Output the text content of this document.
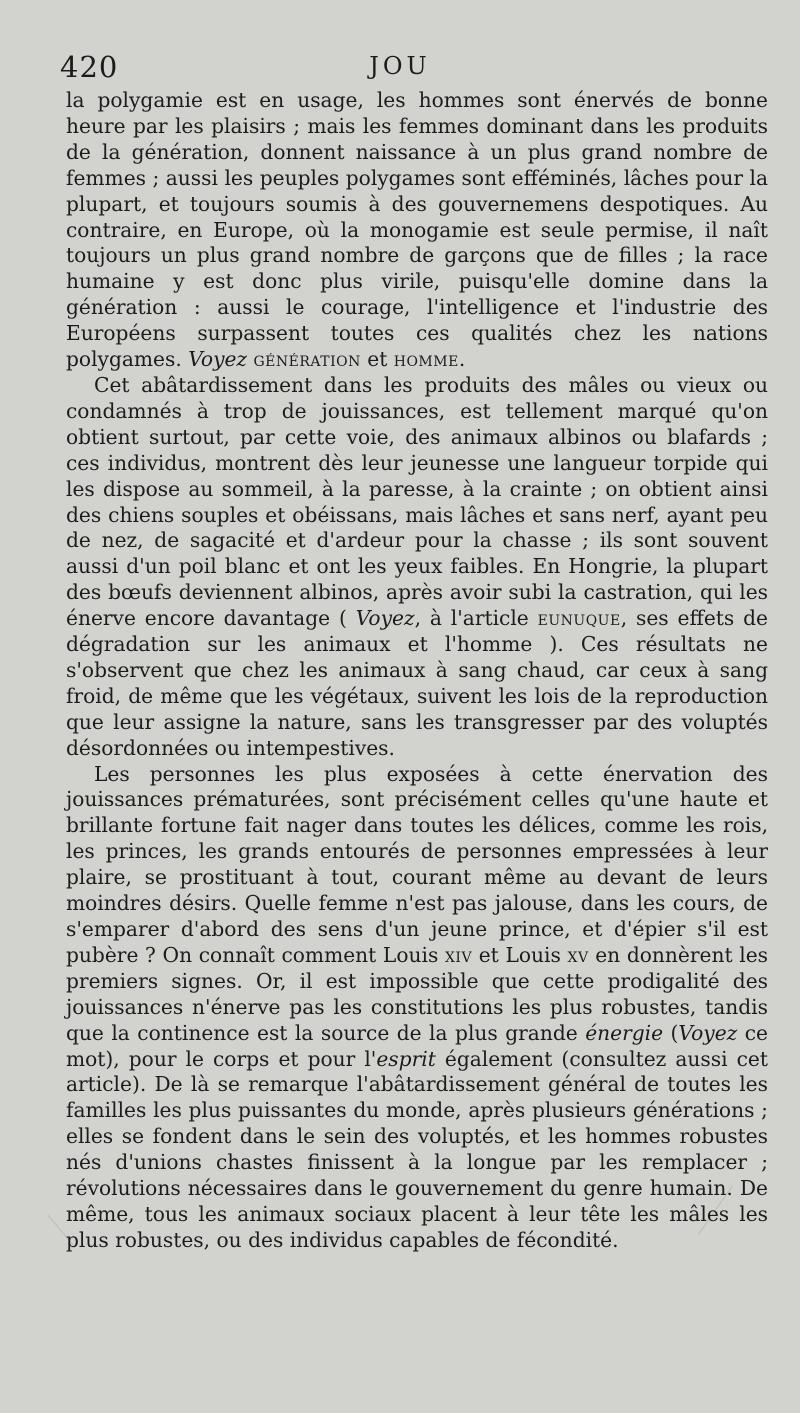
420	JOU

la polygamie est en usage, les hommes sont énervés de bonne heure par les plaisirs ; mais les femmes dominant dans les produits de la génération, donnent naissance à un plus grand nombre de femmes ; aussi les peuples polygames sont efféminés, lâches pour la plupart, et toujours soumis à des gouvernemens despotiques. Au contraire, en Europe, où la monogamie est seule permise, il naît toujours un plus grand nombre de garçons que de filles ; la race humaine y est donc plus virile, puisqu'elle domine dans la génération : aussi le courage, l'intelligence et l'industrie des Européens surpassent toutes ces qualités chez les nations polygames. Voyez génération et homme.

Cet abâtardissement dans les produits des mâles ou vieux ou condamnés à trop de jouissances, est tellement marqué qu'on obtient surtout, par cette voie, des animaux albinos ou blafards ; ces individus, montrent dès leur jeunesse une langueur torpide qui les dispose au sommeil, à la paresse, à la crainte ; on obtient ainsi des chiens souples et obéissans, mais lâches et sans nerf, ayant peu de nez, de sagacité et d'ardeur pour la chasse ; ils sont souvent aussi d'un poil blanc et ont les yeux faibles. En Hongrie, la plupart des bœufs deviennent albinos, après avoir subi la castration, qui les énerve encore davantage ( Voyez, à l'article eunuque, ses effets de dégradation sur les animaux et l'homme ). Ces résultats ne s'observent que chez les animaux à sang chaud, car ceux à sang froid, de même que les végétaux, suivent les lois de la reproduction que leur assigne la nature, sans les transgresser par des voluptés désordonnées ou intempestives.

Les personnes les plus exposées à cette énervation des jouissances prématurées, sont précisément celles qu'une haute et brillante fortune fait nager dans toutes les délices, comme les rois, les princes, les grands entourés de personnes empressées à leur plaire, se prostituant à tout, courant même au devant de leurs moindres désirs. Quelle femme n'est pas jalouse, dans les cours, de s'emparer d'abord des sens d'un jeune prince, et d'épier s'il est pubère ? On connaît comment Louis xiv et Louis xv en donnèrent les premiers signes. Or, il est impossible que cette prodigalité des jouissances n'énerve pas les constitutions les plus robustes, tandis que la continence est la source de la plus grande énergie (Voyez ce mot), pour le corps et pour l'esprit également (consultez aussi cet article). De là se remarque l'abâtardissement général de toutes les familles les plus puissantes du monde, après plusieurs générations ; elles se fondent dans le sein des voluptés, et les hommes robustes nés d'unions chastes finissent à la longue par les remplacer ; révolutions nécessaires dans le gouvernement du genre humain. De même, tous les animaux sociaux placent à leur tête les mâles les plus robustes, ou des individus capables de fécondité.
